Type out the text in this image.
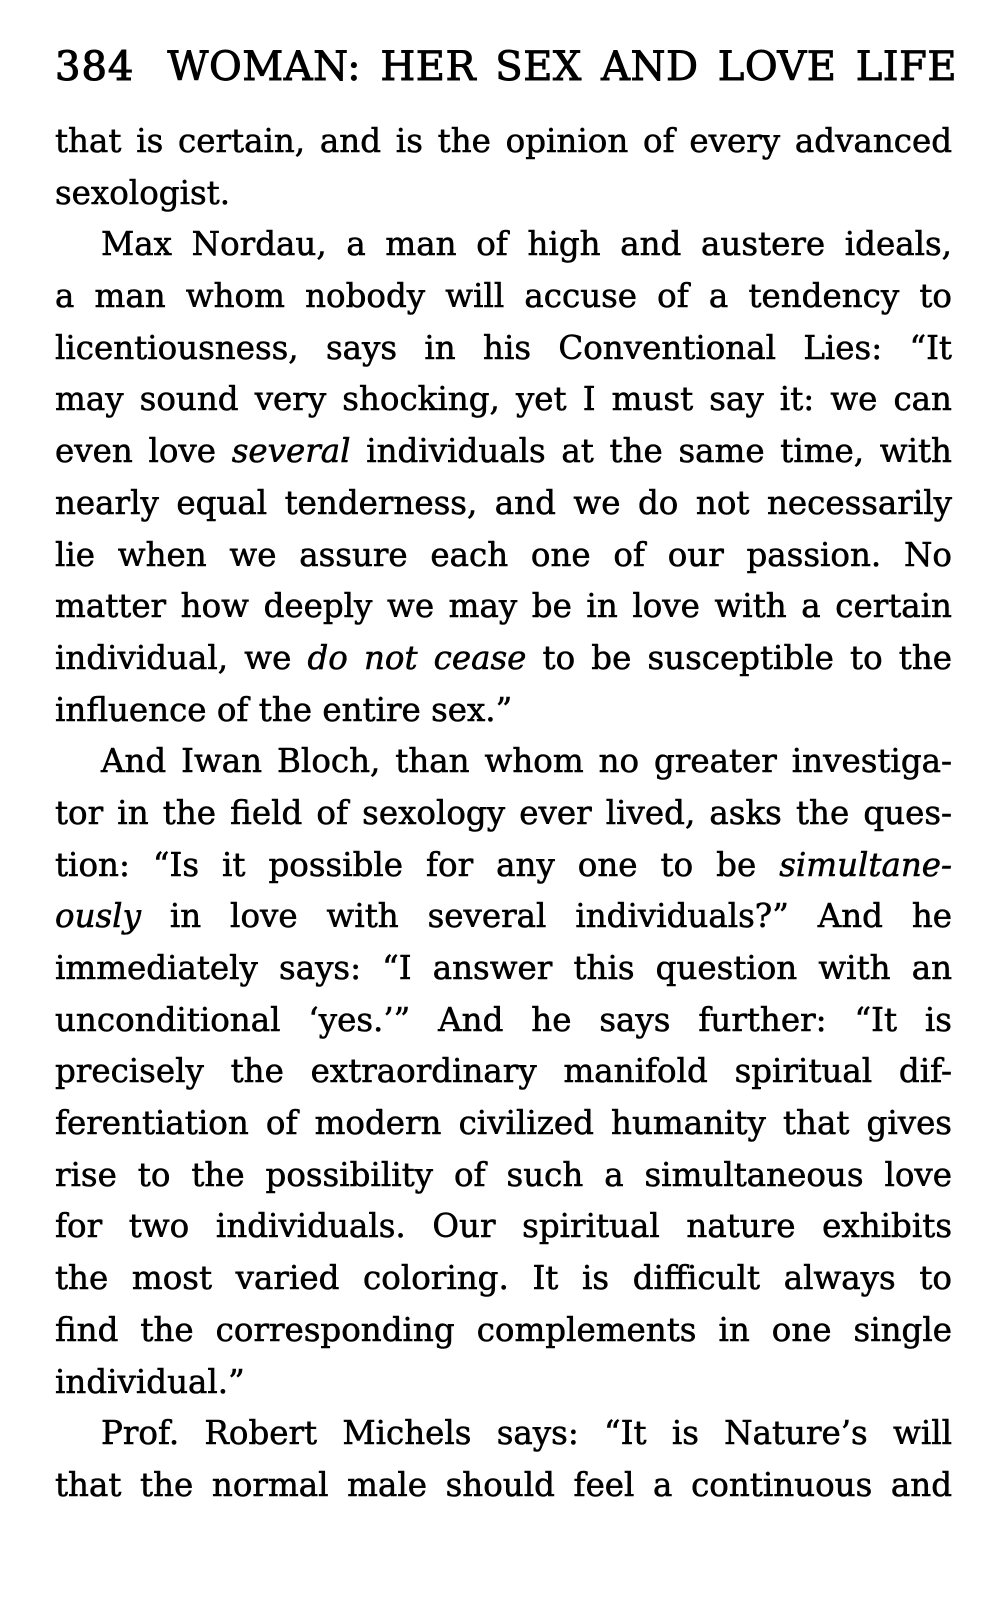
384 WOMAN: HER SEX AND LOVE LIFE
that is certain, and is the opinion of every advanced
sexologist.
Max Nordau, a man of high and austere ideals,
a man whom nobody will accuse of a tendency to
licentiousness, says in his Conventional Lies: “It
may sound very shocking, yet I must say it: we can
even love several individuals at the same time, with
nearly equal tenderness, and we do not necessarily
lie when we assure each one of our passion. No
matter how deeply we may be in love with a certain
individual, we do not cease to be susceptible to the
influence of the entire sex.”
And Iwan Bloch, than whom no greater investiga-
tor in the field of sexology ever lived, asks the ques-
tion: “Is it possible for any one to be simultane-
ously in love with several individuals?” And he
immediately says: “I answer this question with an
unconditional ‘yes.’” And he says further: “It is
precisely the extraordinary manifold spiritual dif-
ferentiation of modern civilized humanity that gives
rise to the possibility of such a simultaneous love
for two individuals. Our spiritual nature exhibits
the most varied coloring. It is difficult always to
find the corresponding complements in one single
individual.”
Prof. Robert Michels says: “It is Nature’s will
that the normal male should feel a continuous and
